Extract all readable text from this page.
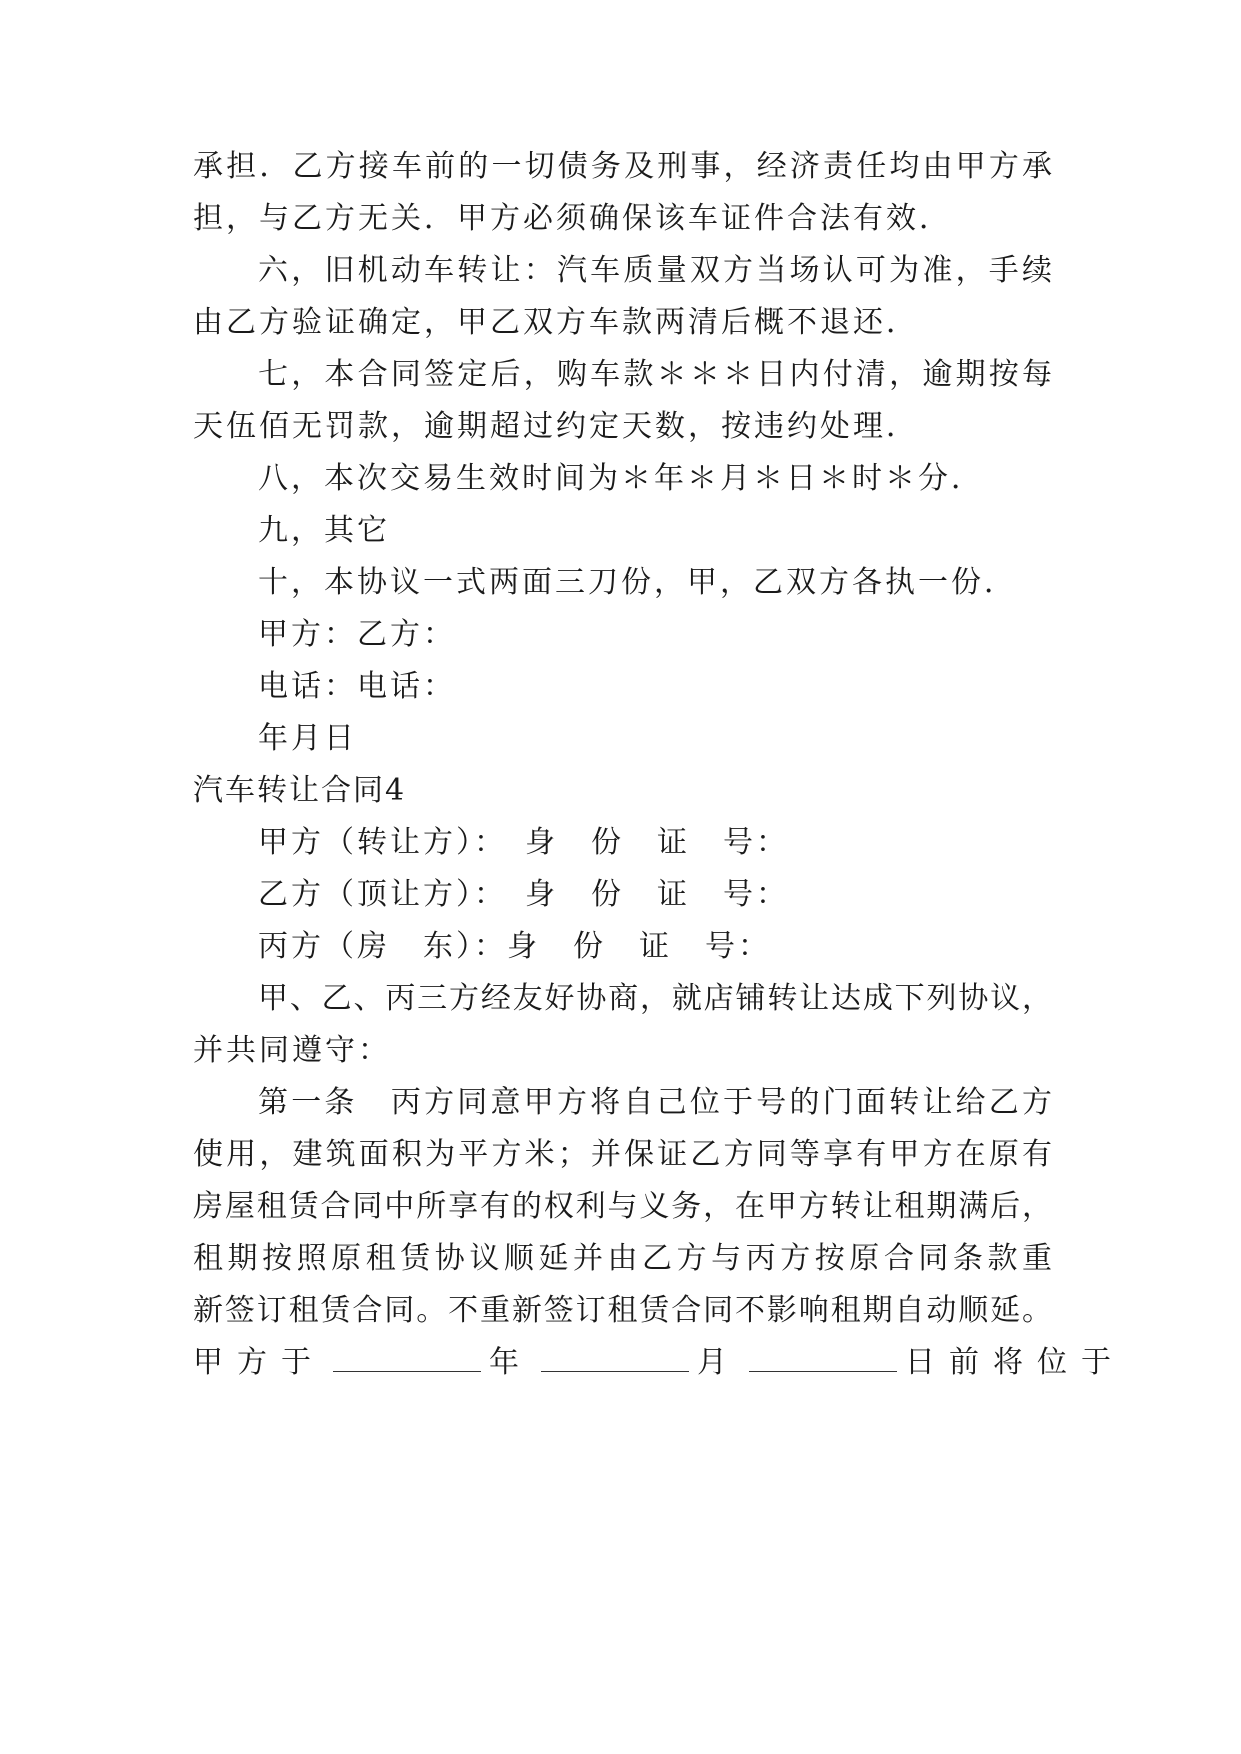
承担．乙方接车前的一切债务及刑事，经济责任均由甲方承
担，与乙方无关．甲方必须确保该车证件合法有效．
六，旧机动车转让：汽车质量双方当场认可为准，手续
由乙方验证确定，甲乙双方车款两清后概不退还．
七，本合同签定后，购车款＊＊＊日内付清，逾期按每
天伍佰无罚款，逾期超过约定天数，按违约处理．
八，本次交易生效时间为＊年＊月＊日＊时＊分．
九，其它
十，本协议一式两面三刀份，甲，乙双方各执一份．
甲方：乙方：
电话：电话：
年月日
汽车转让合同4
甲方（转让方）：　身　份　证　号：
乙方（顶让方）：　身　份　证　号：
丙方（房　东）：身　份　证　号：
甲、乙、丙三方经友好协商，就店铺转让达成下列协议，
并共同遵守：
第一条　丙方同意甲方将自己位于号的门面转让给乙方
使用，建筑面积为平方米；并保证乙方同等享有甲方在原有
房屋租赁合同中所享有的权利与义务，在甲方转让租期满后，
租期按照原租赁协议顺延并由乙方与丙方按原合同条款重
新签订租赁合同。不重新签订租赁合同不影响租期自动顺延。
甲方于	年	月	日前将位于
